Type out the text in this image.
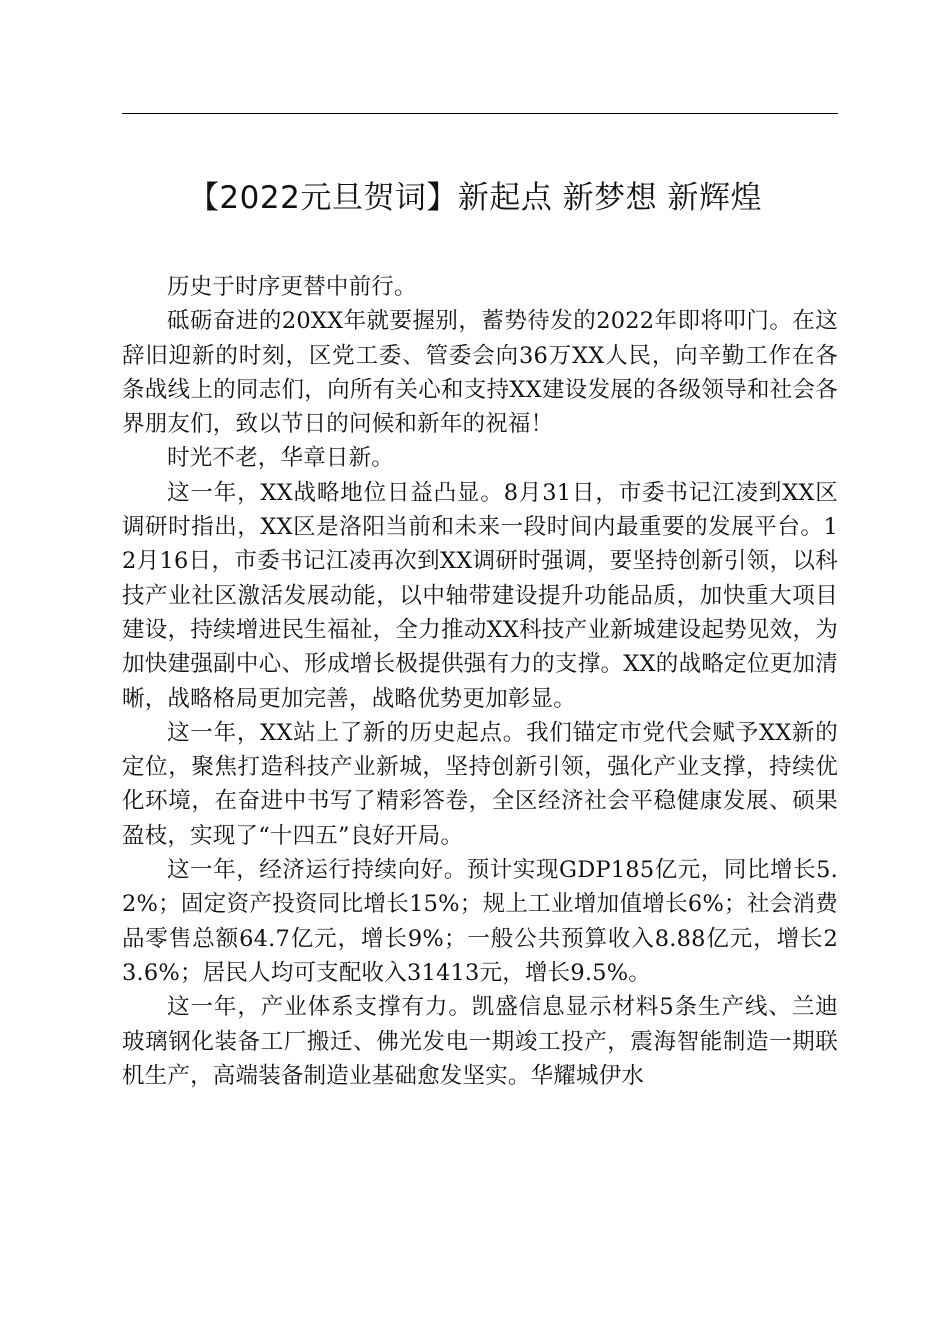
【2022元旦贺词】新起点 新梦想 新辉煌

历史于时序更替中前行。

砥砺奋进的20XX年就要握别，蓄势待发的2022年即将叩门。在这辞旧迎新的时刻，区党工委、管委会向36万XX人民，向辛勤工作在各条战线上的同志们，向所有关心和支持XX建设发展的各级领导和社会各界朋友们，致以节日的问候和新年的祝福！

时光不老，华章日新。

这一年，XX战略地位日益凸显。8月31日，市委书记江凌到XX区调研时指出，XX区是洛阳当前和未来一段时间内最重要的发展平台。12月16日，市委书记江凌再次到XX调研时强调，要坚持创新引领，以科技产业社区激活发展动能，以中轴带建设提升功能品质，加快重大项目建设，持续增进民生福祉，全力推动XX科技产业新城建设起势见效，为加快建强副中心、形成增长极提供强有力的支撑。XX的战略定位更加清晰，战略格局更加完善，战略优势更加彰显。

这一年，XX站上了新的历史起点。我们锚定市党代会赋予XX新的定位，聚焦打造科技产业新城，坚持创新引领，强化产业支撑，持续优化环境，在奋进中书写了精彩答卷，全区经济社会平稳健康发展、硕果盈枝，实现了“十四五”良好开局。

这一年，经济运行持续向好。预计实现GDP185亿元，同比增长5.2%；固定资产投资同比增长15%；规上工业增加值增长6%；社会消费品零售总额64.7亿元，增长9%；一般公共预算收入8.88亿元，增长23.6%；居民人均可支配收入31413元，增长9.5%。

这一年，产业体系支撑有力。凯盛信息显示材料5条生产线、兰迪玻璃钢化装备工厂搬迁、佛光发电一期竣工投产，震海智能制造一期联机生产，高端装备制造业基础愈发坚实。华耀城伊水
